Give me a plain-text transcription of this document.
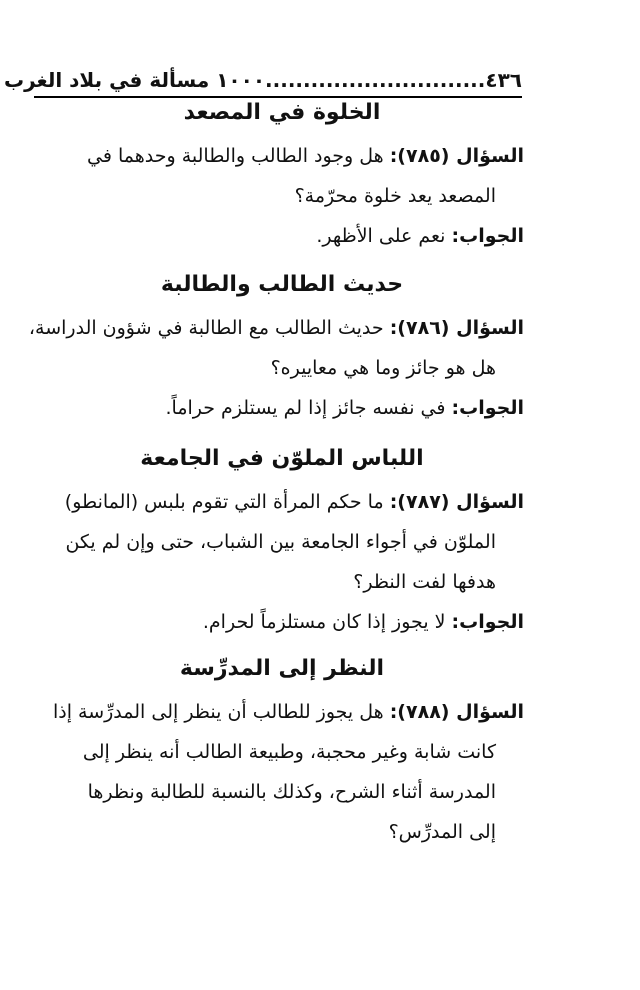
٤٣٦
.............................١٠٠٠ مسألة في بلاد الغرب
الخلوة في المصعد

السؤال (٧٨٥): هل وجود الطالب والطالبة وحدهما في

المصعد يعد خلوة محرّمة؟

الجواب: نعم على الأظهر.

حديث الطالب والطالبة

السؤال (٧٨٦): حديث الطالب مع الطالبة في شؤون الدراسة،

هل هو جائز وما هي معاييره؟

الجواب: في نفسه جائز إذا لم يستلزم حراماً.

اللباس الملوّن في الجامعة

السؤال (٧٨٧): ما حكم المرأة التي تقوم بلبس (المانطو)

الملوّن في أجواء الجامعة بين الشباب، حتى وإن لم يكن

هدفها لفت النظر؟

الجواب: لا يجوز إذا كان مستلزماً لحرام.

النظر إلى المدرِّسة

السؤال (٧٨٨): هل يجوز للطالب أن ينظر إلى المدرِّسة إذا

كانت شابة وغير محجبة، وطبيعة الطالب أنه ينظر إلى

المدرسة أثناء الشرح، وكذلك بالنسبة للطالبة ونظرها

إلى المدرِّس؟
